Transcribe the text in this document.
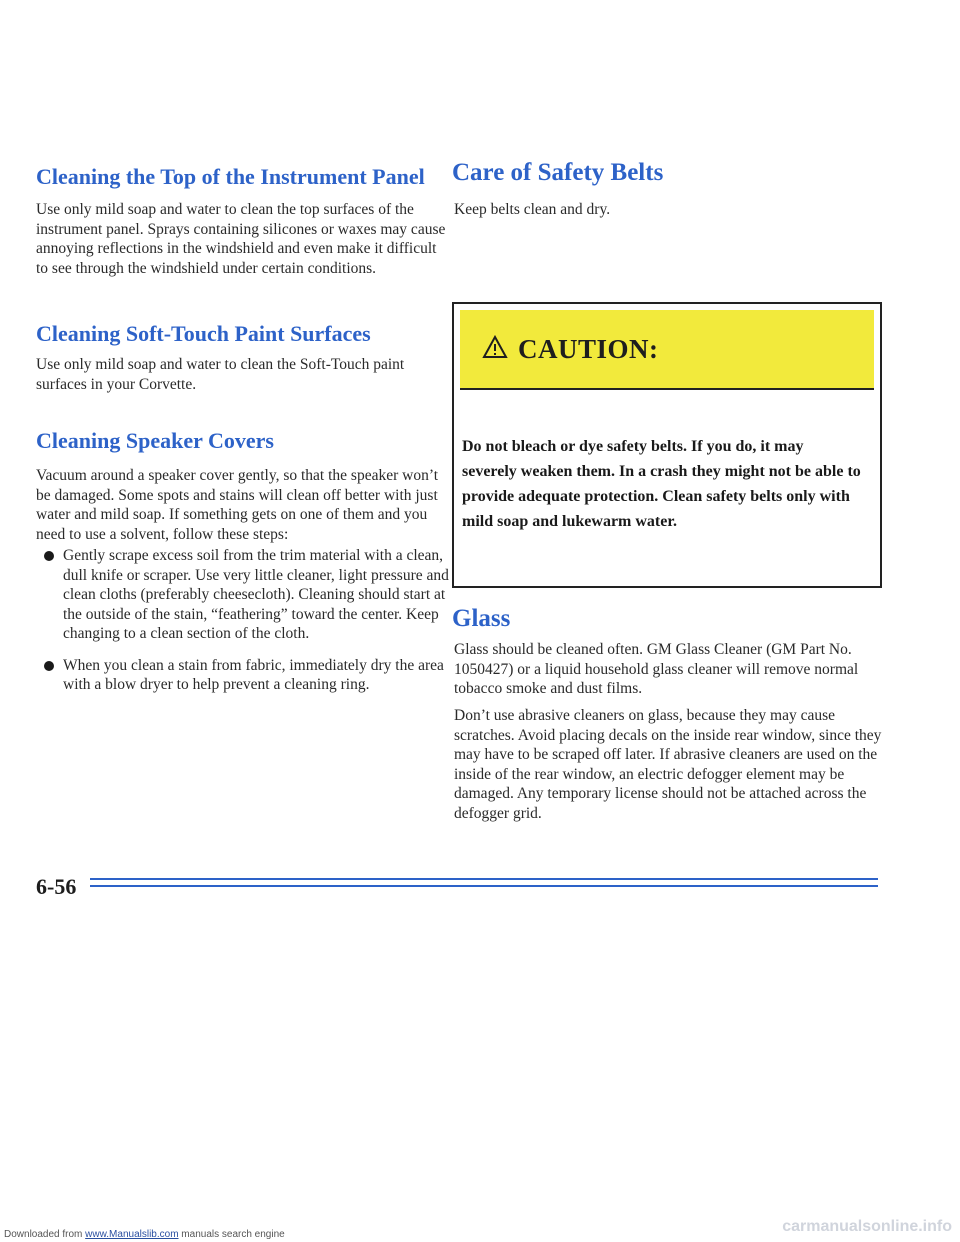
Cleaning the Top of the Instrument Panel

Use only mild soap and water to clean the top surfaces of the instrument panel. Sprays containing silicones or waxes may cause annoying reflections in the windshield and even make it difficult to see through the windshield under certain conditions.

Cleaning Soft-Touch Paint Surfaces

Use only mild soap and water to clean the Soft-Touch paint surfaces in your Corvette.

Cleaning Speaker Covers

Vacuum around a speaker cover gently, so that the speaker won’t be damaged. Some spots and stains will clean off better with just water and mild soap. If something gets on one of them and you need to use a solvent, follow these steps:

Gently scrape excess soil from the trim material with a clean, dull knife or scraper. Use very little cleaner, light pressure and clean cloths (preferably cheesecloth). Cleaning should start at the outside of the stain, “feathering” toward the center. Keep changing to a clean section of the cloth.
When you clean a stain from fabric, immediately dry the area with a blow dryer to help prevent a cleaning ring.
Care of Safety Belts

Keep belts clean and dry.

CAUTION:
Do not bleach or dye safety belts. If you do, it may severely weaken them. In a crash they might not be able to provide adequate protection. Clean safety belts only with mild soap and lukewarm water.
Glass

Glass should be cleaned often. GM Glass Cleaner (GM Part No. 1050427) or a liquid household glass cleaner will remove normal tobacco smoke and dust films.

Don’t use abrasive cleaners on glass, because they may cause scratches. Avoid placing decals on the inside rear window, since they may have to be scraped off later. If abrasive cleaners are used on the inside of the rear window, an electric defogger element may be damaged. Any temporary license should not be attached across the defogger grid.

6-56
Downloaded from www.Manualslib.com manuals search engine	carmanualsonline.info
